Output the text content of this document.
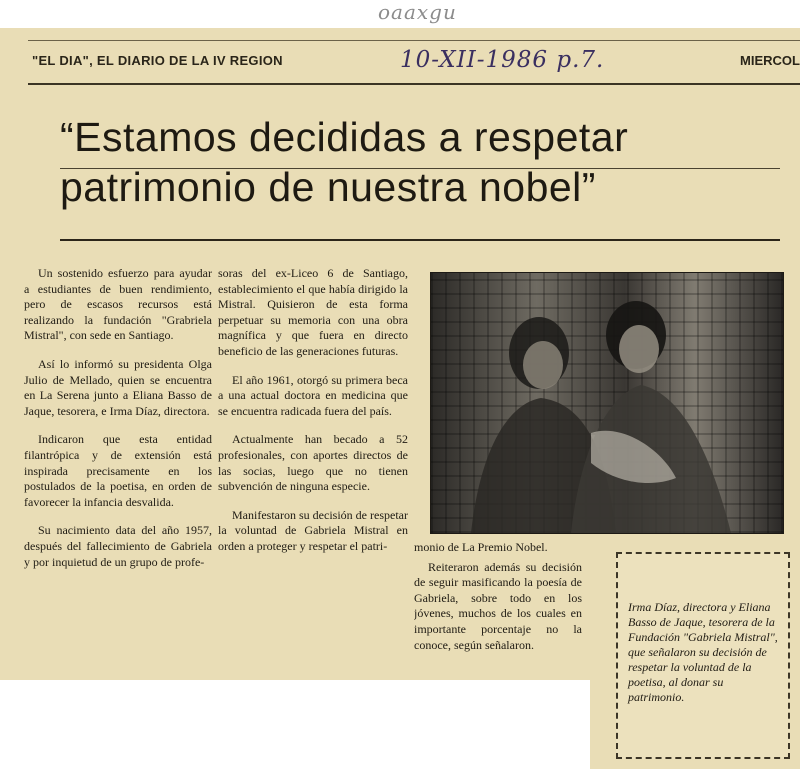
oaaxgu
"EL DIA", EL DIARIO DE LA IV REGION	10-XII-1986 p.7.	MIERCOL
“Estamos decididas a respetar patrimonio de nuestra nobel”

Un sostenido esfuerzo para ayudar a estudiantes de buen rendimiento, pero de escasos recursos está realizando la fundación "Grabriela Mistral", con sede en Santiago.

Así lo informó su presidenta Olga Julio de Mellado, quien se encuentra en La Serena junto a Eliana Basso de Jaque, tesorera, e Irma Díaz, directora.

Indicaron que esta entidad filantrópica y de extensión está inspirada precisamente en los postulados de la poetisa, en orden de favorecer la infancia desvalida.

Su nacimiento data del año 1957, después del fallecimiento de Gabriela y por inquietud de un grupo de profe-

soras del ex-Liceo 6 de Santiago, establecimiento el que había dirigido la Mistral. Quisieron de esta forma perpetuar su memoria con una obra magnífica y que fuera en directo beneficio de las generaciones futuras.

El año 1961, otorgó su primera beca a una actual doctora en medicina que se encuentra radicada fuera del país.

Actualmente han becado a 52 profesionales, con aportes directos de las socias, luego que no tienen subvención de ninguna especie.

Manifestaron su decisión de respetar la voluntad de Gabriela Mistral en orden a proteger y respetar el patri-	monio de La Premio Nobel.

Reiteraron además su decisión de seguir masificando la poesía de Gabriela, sobre todo en los jóvenes, muchos de los cuales en importante porcentaje no la conoce, según señalaron.

Irma Díaz, directora y Eliana Basso de Jaque, tesorera de la Fundación "Gabriela Mistral", que señalaron su decisión de respetar la voluntad de la poetisa, al donar su patrimonio.
